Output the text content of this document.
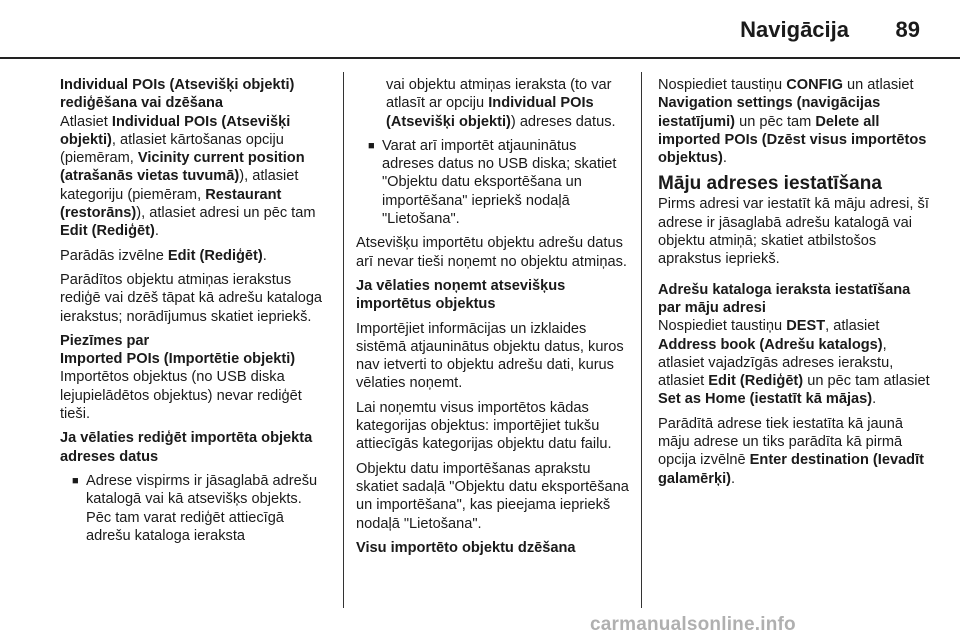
Navigācija 89

Individual POIs (Atsevišķi objekti) rediģēšana vai dzēšana

Atlasiet Individual POIs (Atsevišķi objekti), atlasiet kārtošanas opciju (piemēram, Vicinity current position (atrašanās vietas tuvumā)), atlasiet kategoriju (piemēram, Restaurant (restorāns)), atlasiet adresi un pēc tam Edit (Rediģēt).

Parādās izvēlne Edit (Rediģēt).

Parādītos objektu atmiņas ierakstus rediģē vai dzēš tāpat kā adrešu kataloga ierakstus; norādījumus skatiet iepriekš.

Piezīmes par

Imported POIs (Importētie objekti)

Importētos objektus (no USB diska lejupielādētos objektus) nevar rediģēt tieši.

Ja vēlaties rediģēt importēta objekta adreses datus

■ Adrese vispirms ir jāsaglabā adrešu katalogā vai kā atsevišķs objekts. Pēc tam varat rediģēt attiecīgā adrešu kataloga ieraksta

vai objektu atmiņas ieraksta (to var atlasīt ar opciju Individual POIs (Atsevišķi objekti)) adreses datus.

■ Varat arī importēt atjauninātus adreses datus no USB diska; skatiet "Objektu datu eksportēšana un importēšana" iepriekš nodaļā "Lietošana".

Atsevišķu importētu objektu adrešu datus arī nevar tieši noņemt no objektu atmiņas.

Ja vēlaties noņemt atsevišķus importētus objektus

Importējiet informācijas un izklaides sistēmā atjauninātus objektu datus, kuros nav ietverti to objektu adrešu dati, kurus vēlaties noņemt.

Lai noņemtu visus importētos kādas kategorijas objektus: importējiet tukšu attiecīgās kategorijas objektu datu failu.

Objektu datu importēšanas aprakstu skatiet sadaļā "Objektu datu eksportēšana un importēšana", kas pieejama iepriekš nodaļā "Lietošana".

Visu importēto objektu dzēšana

Nospiediet taustiņu CONFIG un atlasiet Navigation settings (navigācijas iestatījumi) un pēc tam Delete all imported POIs (Dzēst visus importētos objektus).

Māju adreses iestatīšana

Pirms adresi var iestatīt kā māju adresi, šī adrese ir jāsaglabā adrešu katalogā vai objektu atmiņā; skatiet atbilstošos aprakstus iepriekš.

Adrešu kataloga ieraksta iestatīšana par māju adresi

Nospiediet taustiņu DEST, atlasiet Address book (Adrešu katalogs), atlasiet vajadzīgās adreses ierakstu, atlasiet Edit (Rediģēt) un pēc tam atlasiet Set as Home (iestatīt kā mājas).

Parādītā adrese tiek iestatīta kā jaunā māju adrese un tiks parādīta kā pirmā opcija izvēlnē Enter destination (Ievadīt galamērķi).

carmanualsonline.info
